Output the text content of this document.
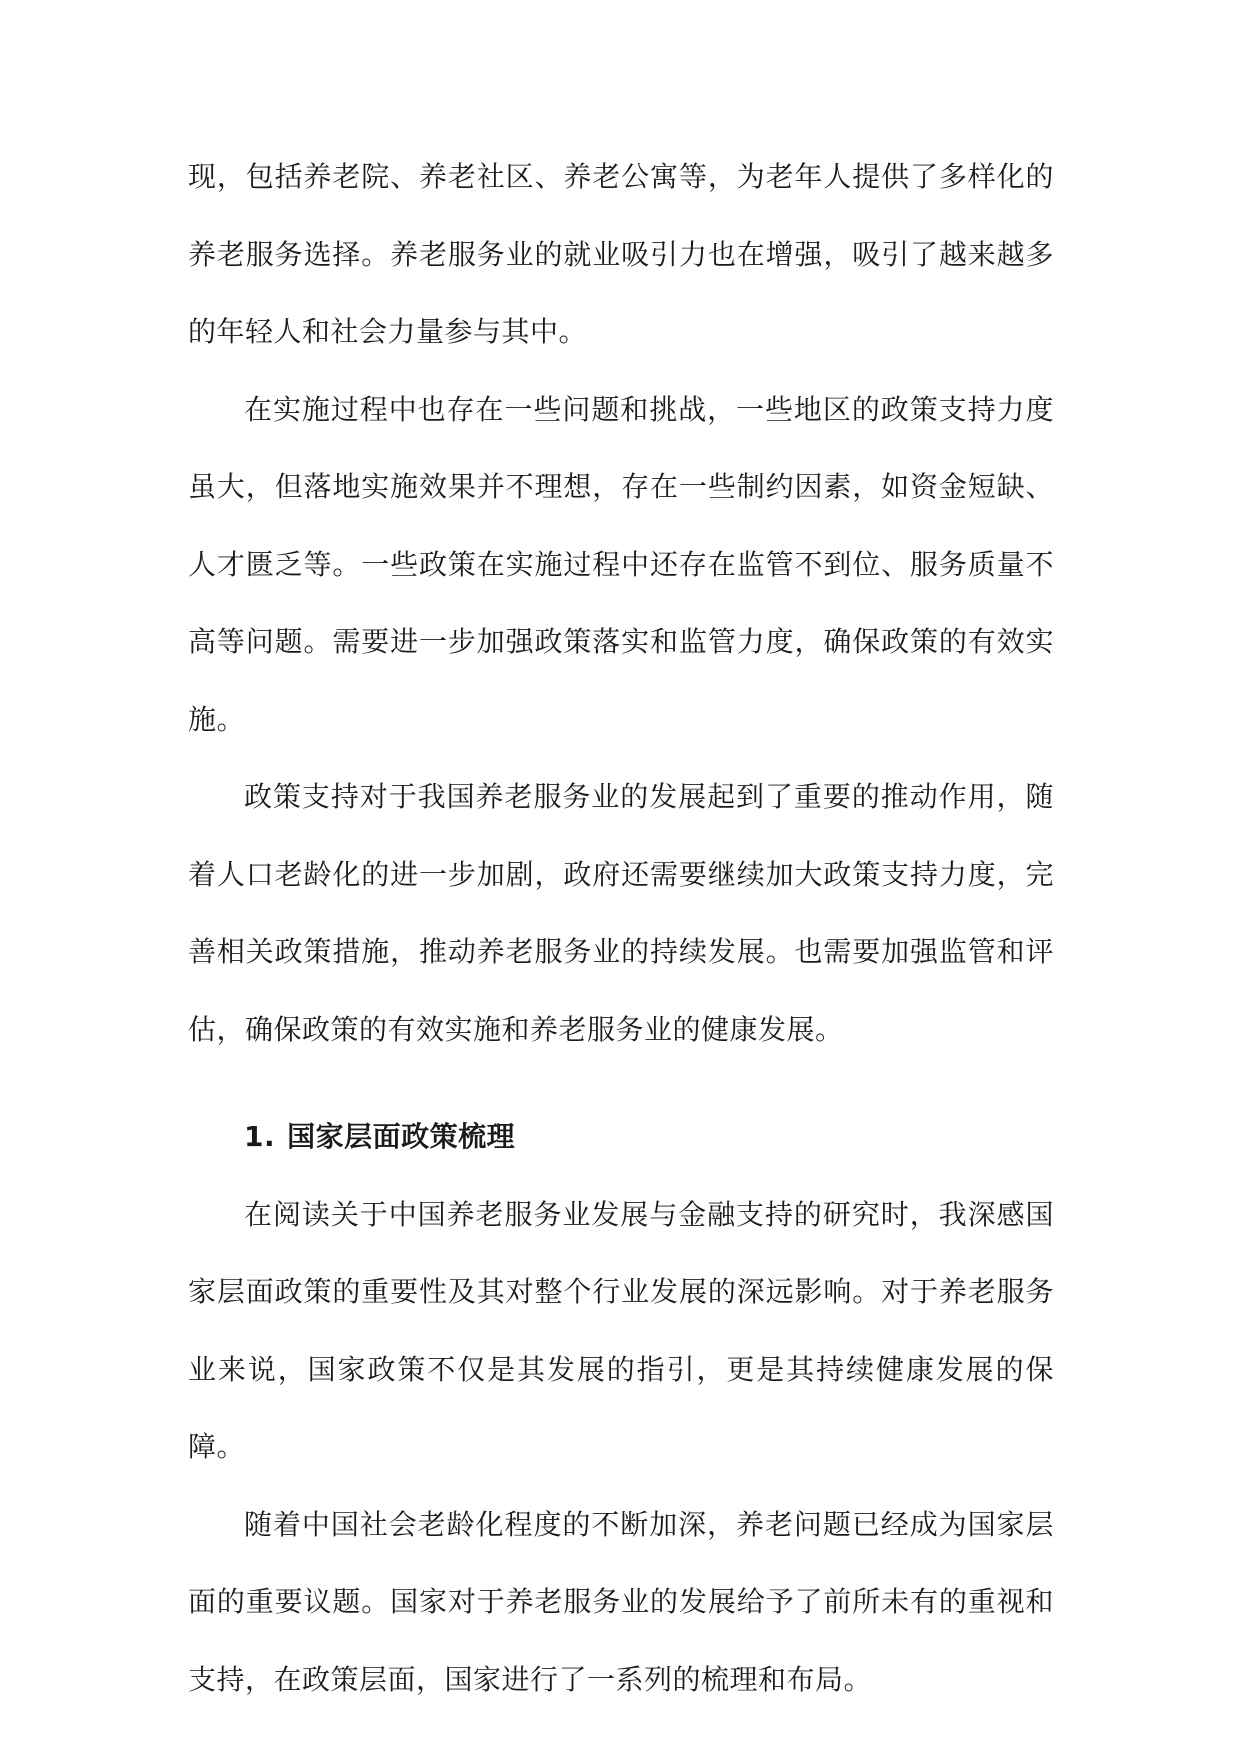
现，包括养老院、养老社区、养老公寓等，为老年人提供了多样化的养老服务选择。养老服务业的就业吸引力也在增强，吸引了越来越多的年轻人和社会力量参与其中。

在实施过程中也存在一些问题和挑战，一些地区的政策支持力度虽大，但落地实施效果并不理想，存在一些制约因素，如资金短缺、人才匮乏等。一些政策在实施过程中还存在监管不到位、服务质量不高等问题。需要进一步加强政策落实和监管力度，确保政策的有效实施。

政策支持对于我国养老服务业的发展起到了重要的推动作用，随着人口老龄化的进一步加剧，政府还需要继续加大政策支持力度，完善相关政策措施，推动养老服务业的持续发展。也需要加强监管和评估，确保政策的有效实施和养老服务业的健康发展。

1. 国家层面政策梳理

在阅读关于中国养老服务业发展与金融支持的研究时，我深感国家层面政策的重要性及其对整个行业发展的深远影响。对于养老服务业来说，国家政策不仅是其发展的指引，更是其持续健康发展的保障。

随着中国社会老龄化程度的不断加深，养老问题已经成为国家层面的重要议题。国家对于养老服务业的发展给予了前所未有的重视和支持，在政策层面，国家进行了一系列的梳理和布局。
